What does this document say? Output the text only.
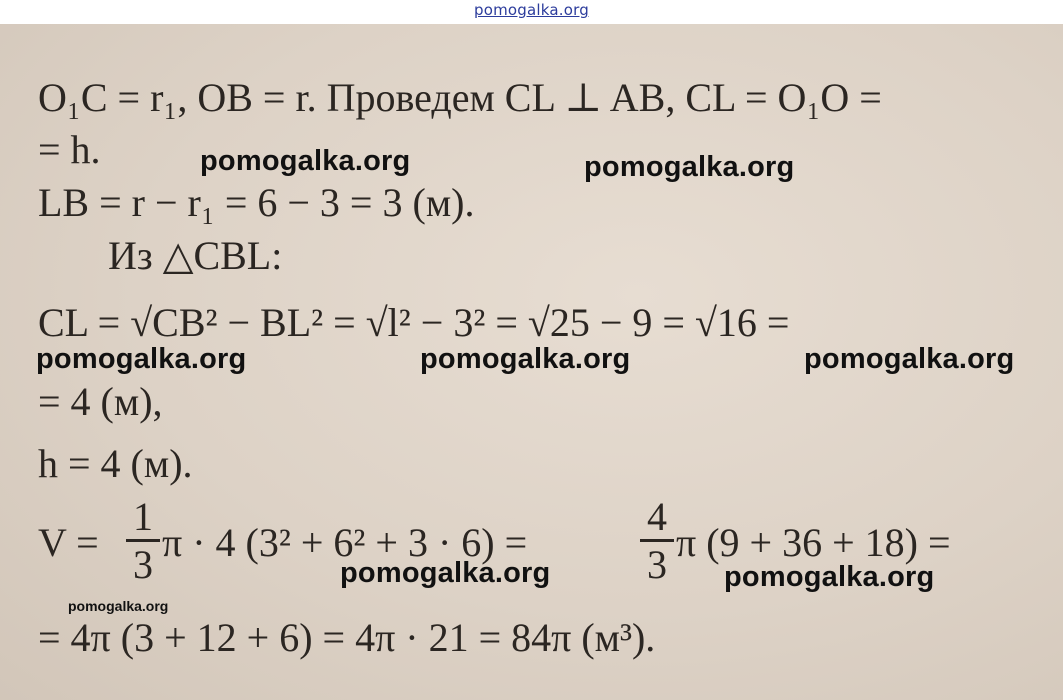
pomogalka.org
O₁C = r₁, OB = r. Проведем CL ⊥ AB, CL = O₁O =
= h.
LB = r − r₁ = 6 − 3 = 3 (м).
Из △CBL:
CL = √CB² − BL² = √l² − 3² = √25 − 9 = √16 =
= 4 (м),
h = 4 (м).
V =
1
3 π · 4 (3² + 6² + 3 · 6) =
4
3 π (9 + 36 + 18) =
= 4π (3 + 12 + 6) = 4π · 21 = 84π (м³).
pomogalka.org	pomogalka.org
pomogalka.org	pomogalka.org	pomogalka.org
pomogalka.org	pomogalka.org
pomogalka.org
